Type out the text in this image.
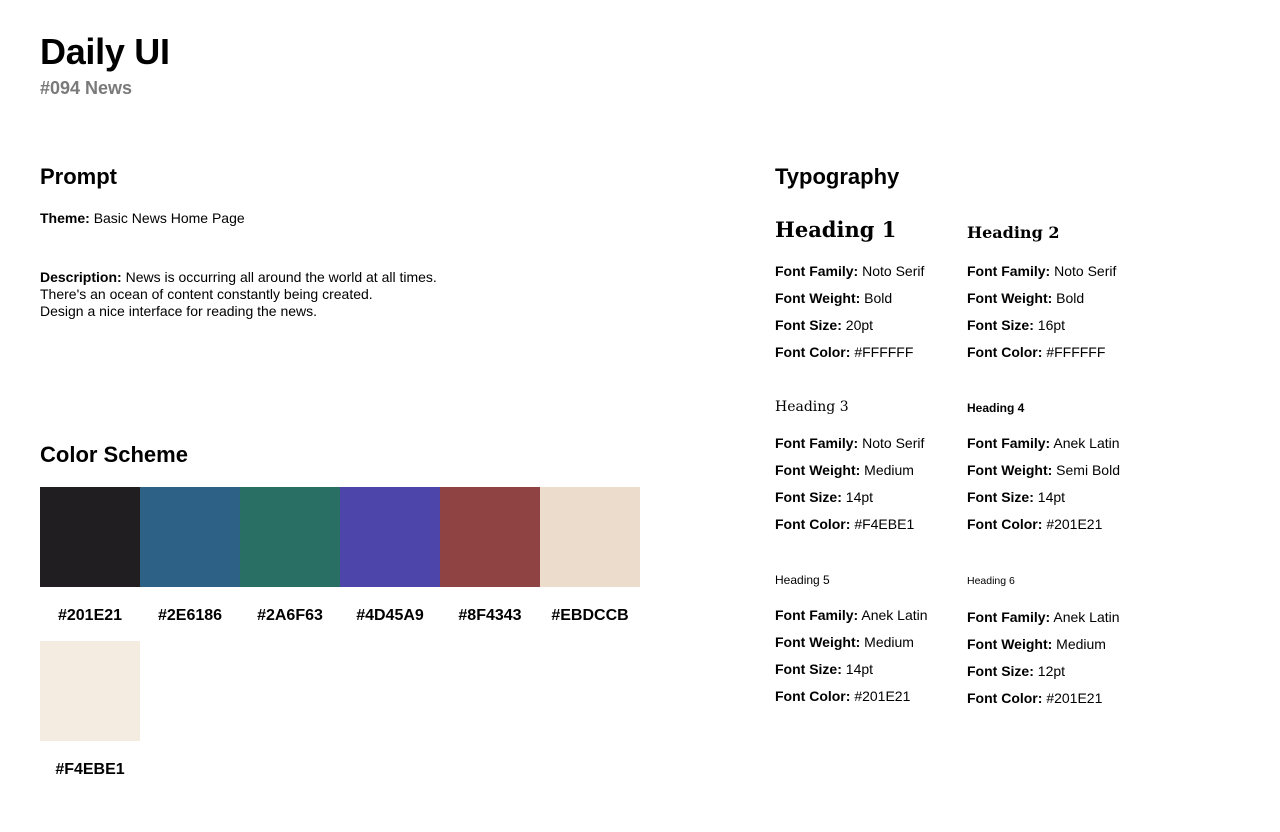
Daily UI
#094 News
Prompt
Theme: Basic News Home Page
Description: News is occurring all around the world at all times.
There's an ocean of content constantly being created.
Design a nice interface for reading the news.
Color Scheme
#201E21	#2E6186	#2A6F63	#4D45A9	#8F4343	#EBDCCB
#F4EBE1
Typography
Heading 1
Font Family: Noto Serif
Font Weight: Bold
Font Size: 20pt
Font Color: #FFFFFF
Heading 2
Font Family: Noto Serif
Font Weight: Bold
Font Size: 16pt
Font Color: #FFFFFF
Heading 3
Font Family: Noto Serif
Font Weight: Medium
Font Size: 14pt
Font Color: #F4EBE1
Heading 4
Font Family: Anek Latin
Font Weight: Semi Bold
Font Size: 14pt
Font Color: #201E21
Heading 5
Font Family: Anek Latin
Font Weight: Medium
Font Size: 14pt
Font Color: #201E21
Heading 6
Font Family: Anek Latin
Font Weight: Medium
Font Size: 12pt
Font Color: #201E21
